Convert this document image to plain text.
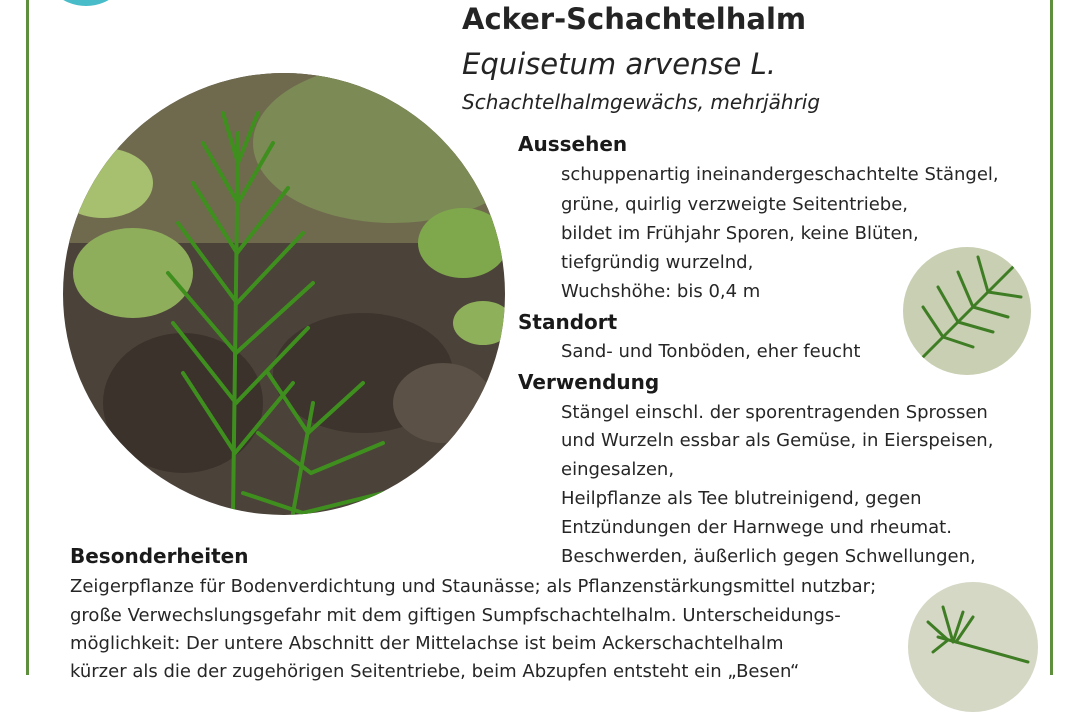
Acker-Schachtelhalm
Equisetum arvense L.
Schachtelhalmgewächs, mehrjährig
Aussehen
schuppenartig ineinandergeschachtelte Stängel,
grüne, quirlig verzweigte Seitentriebe,
bildet im Frühjahr Sporen, keine Blüten,
tiefgründig wurzelnd,
Wuchshöhe: bis 0,4 m
Standort
Sand- und Tonböden, eher feucht
Verwendung
Stängel einschl. der sporentragenden Sprossen
und Wurzeln essbar als Gemüse, in Eierspeisen,
eingesalzen,
Heilpflanze als Tee blutreinigend, gegen
Entzündungen der Harnwege und rheumat.
Beschwerden, äußerlich gegen Schwellungen,
Besonderheiten
Zeigerpflanze für Bodenverdichtung und Staunässe; als Pflanzenstärkungsmittel nutzbar;
große Verwechslungsgefahr mit dem giftigen Sumpfschachtelhalm. Unterscheidungs-
möglichkeit: Der untere Abschnitt der Mittelachse ist beim Ackerschachtelhalm
kürzer als die der zugehörigen Seitentriebe, beim Abzupfen entsteht ein „Besen“
